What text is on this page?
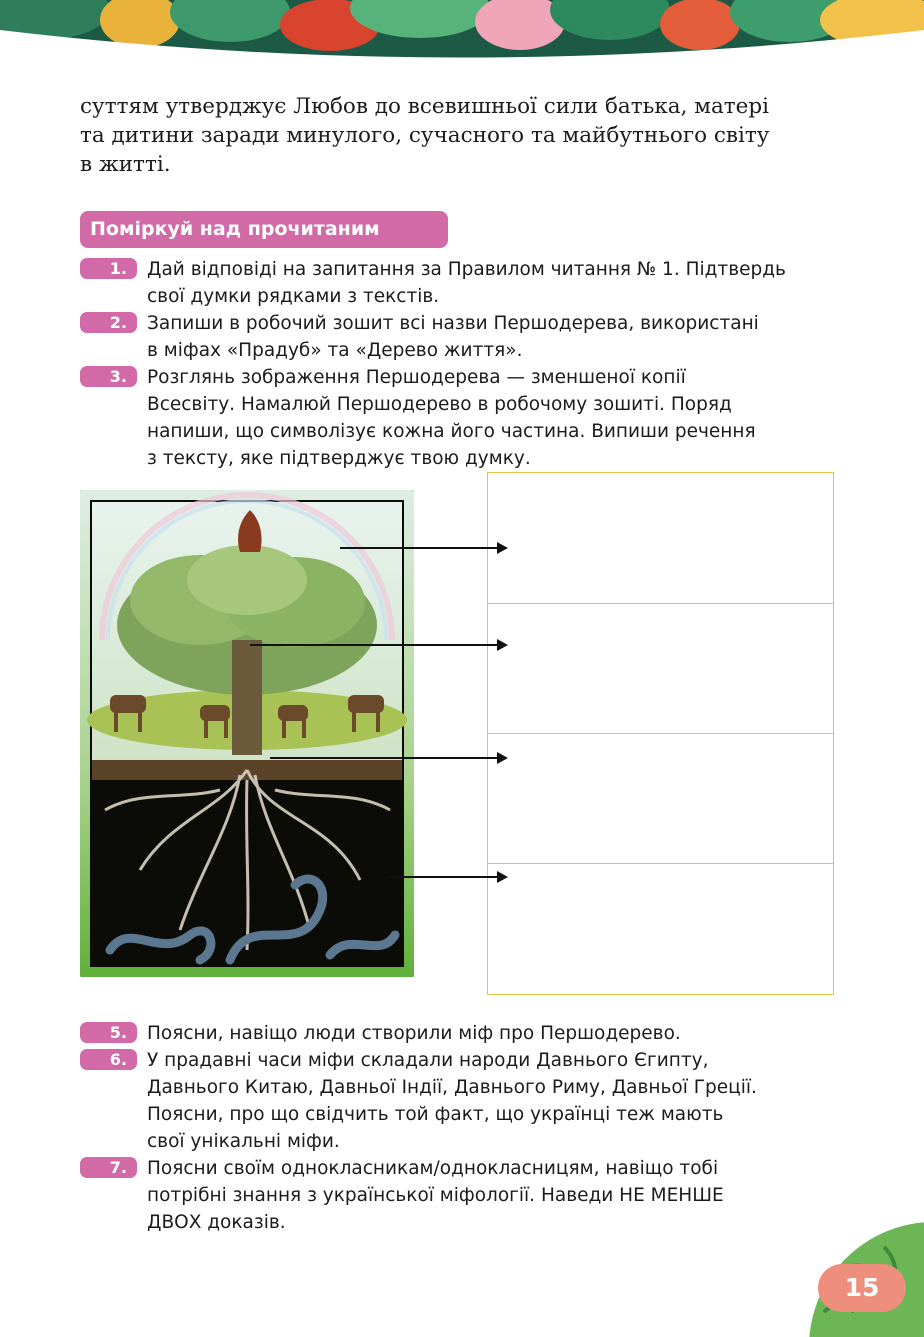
суттям утверджує Любов до всевишньої сили батька, матері
та дитини заради минулого, сучасного та майбутнього світу
в житті.

Поміркуй над прочитаним
1.	Дай відповіді на запитання за Правилом читання № 1. Підтвердь
свої думки рядками з текстів.
2.	Запиши в робочий зошит всі назви Першодерева, використані
в міфах «Прадуб» та «Дерево життя».
3.	Розглянь зображення Першодерева — зменшеної копії
Всесвіту. Намалюй Першодерево в робочому зошиті. Поряд
напиши, що символізує кожна його частина. Випиши речення
з тексту, яке підтверджує твою думку.
5.	Поясни, навіщо люди створили міф про Першодерево.
6.	У прадавні часи міфи складали народи Давнього Єгипту,
Давнього Китаю, Давньої Індії, Давнього Риму, Давньої Греції.
Поясни, про що свідчить той факт, що українці теж мають
свої унікальні міфи.
7.	Поясни своїм однокласникам/однокласницям, навіщо тобі
потрібні знання з української міфології. Наведи НЕ МЕНШЕ
ДВОХ доказів.
15
